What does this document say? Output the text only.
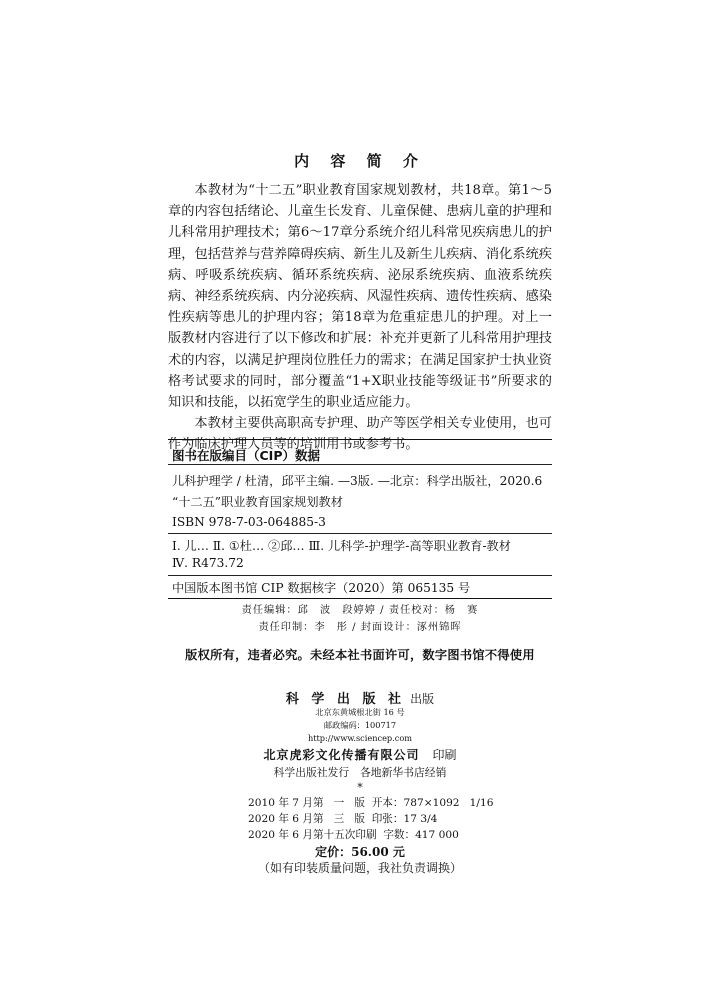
内 容 简 介

本教材为“十二五”职业教育国家规划教材，共18章。第1～5章的内容包括绪论、儿童生长发育、儿童保健、患病儿童的护理和儿科常用护理技术；第6～17章分系统介绍儿科常见疾病患儿的护理，包括营养与营养障碍疾病、新生儿及新生儿疾病、消化系统疾病、呼吸系统疾病、循环系统疾病、泌尿系统疾病、血液系统疾病、神经系统疾病、内分泌疾病、风湿性疾病、遗传性疾病、感染性疾病等患儿的护理内容；第18章为危重症患儿的护理。对上一版教材内容进行了以下修改和扩展：补充并更新了儿科常用护理技术的内容，以满足护理岗位胜任力的需求；在满足国家护士执业资格考试要求的同时，部分覆盖“1+X职业技能等级证书”所要求的知识和技能，以拓宽学生的职业适应能力。

本教材主要供高职高专护理、助产等医学相关专业使用，也可作为临床护理人员等的培训用书或参考书。

图书在版编目（CIP）数据
儿科护理学 / 杜清，邱平主编. —3版. —北京：科学出版社，2020.6
“十二五”职业教育国家规划教材
ISBN 978-7-03-064885-3
Ⅰ. 儿… Ⅱ. ①杜… ②邱… Ⅲ. 儿科学-护理学-高等职业教育-教材
Ⅳ. R473.72
中国版本图书馆 CIP 数据核字（2020）第 065135 号
责任编辑：邱　波　段婷婷 / 责任校对：杨　赛
责任印制：李　彤 / 封面设计：涿州锦晖
版权所有，违者必究。未经本社书面许可，数字图书馆不得使用
科 学 出 版 社 出版
北京东黄城根北街 16 号
邮政编码：100717
http://www.sciencep.com
北京虎彩文化传播有限公司 印刷
科学出版社发行　各地新华书店经销
*
2010 年 7 月第   一   版  开本：787×1092   1/16
2020 年 6 月第   三   版  印张：17 3/4
2020 年 6 月第十五次印刷  字数：417 000
定价：56.00 元
（如有印装质量问题，我社负责调换）
